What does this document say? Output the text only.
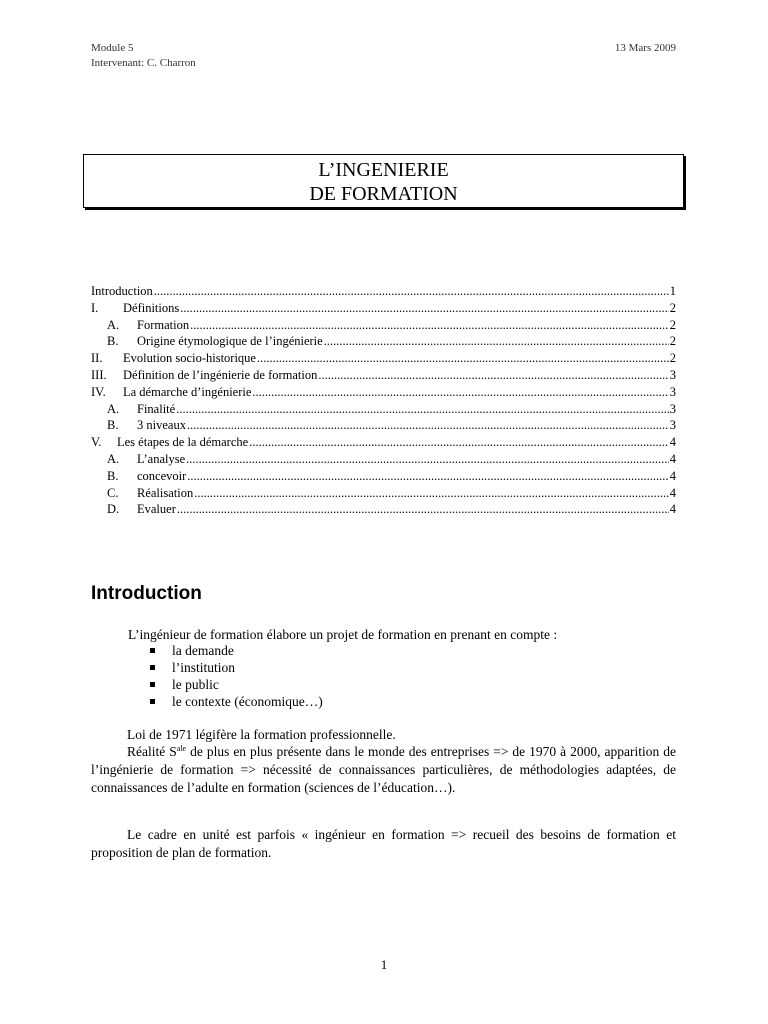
Module 5
Intervenant: C. Charron
13 Mars 2009
L’INGENIERIE
DE FORMATION
Introduction .....	1
I.	Définitions .....	2
A.	Formation .....	2
B.	Origine étymologique de l’ingénierie .....	2
II.	Evolution socio-historique .....	2
III.	Définition de l’ingénierie de formation .....	3
IV.	La démarche d’ingénierie .....	3
A.	Finalité .....	3
B.	3 niveaux .....	3
V.	Les étapes de la démarche .....	4
A.	L’analyse .....	4
B.	concevoir .....	4
C.	Réalisation .....	4
D.	Evaluer .....	4
Introduction
L’ingénieur de formation élabore un projet de formation en prenant en compte :
la demande
l’institution
le public
le contexte (économique…)
Loi de 1971 légifère la formation professionnelle.
Réalité $S^{ale}$ de plus en plus présente dans le monde des entreprises => de 1970 à 2000, apparition de l’ingénierie de formation => nécessité de connaissances particulières, de méthodologies adaptées, de connaissances de l’adulte en formation (sciences de l’éducation…).
Le cadre en unité est parfois « ingénieur en formation => recueil des besoins de formation et proposition de plan de formation.
1
